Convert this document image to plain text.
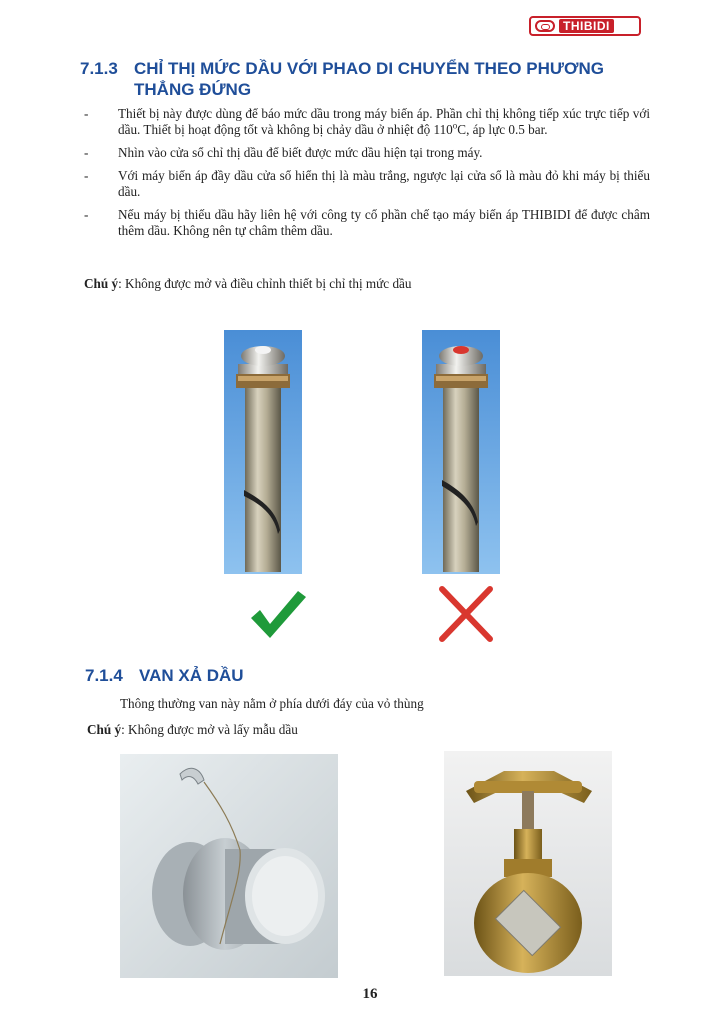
THIBIDI
7.1.3 CHỈ THỊ MỨC DẦU VỚI PHAO DI CHUYỂN THEO PHƯƠNG
THẲNG ĐỨNG
- Thiết bị này được dùng để báo mức dầu trong máy biến áp. Phần chỉ thị không tiếp xúc trực tiếp với dầu. Thiết bị hoạt động tốt và không bị chảy dầu ở nhiệt độ 110$^o$C, áp lực 0.5 bar.
- Nhìn vào cửa sổ chỉ thị dầu để biết được mức dầu hiện tại trong máy.
- Với máy biến áp đầy dầu cửa sổ hiển thị là màu trắng, ngược lại cửa sổ là màu đỏ khi máy bị thiếu dầu.
- Nếu máy bị thiếu dầu hãy liên hệ với công ty cổ phần chế tạo máy biến áp THIBIDI để được châm thêm dầu. Không nên tự châm thêm dầu.

Chú ý: Không được mở và điều chỉnh thiết bị chỉ thị mức dầu

7.1.4 VAN XẢ DẦU

Thông thường van này nằm ở phía dưới đáy của vỏ thùng

Chú ý: Không được mở và lấy mẫu dầu

16
